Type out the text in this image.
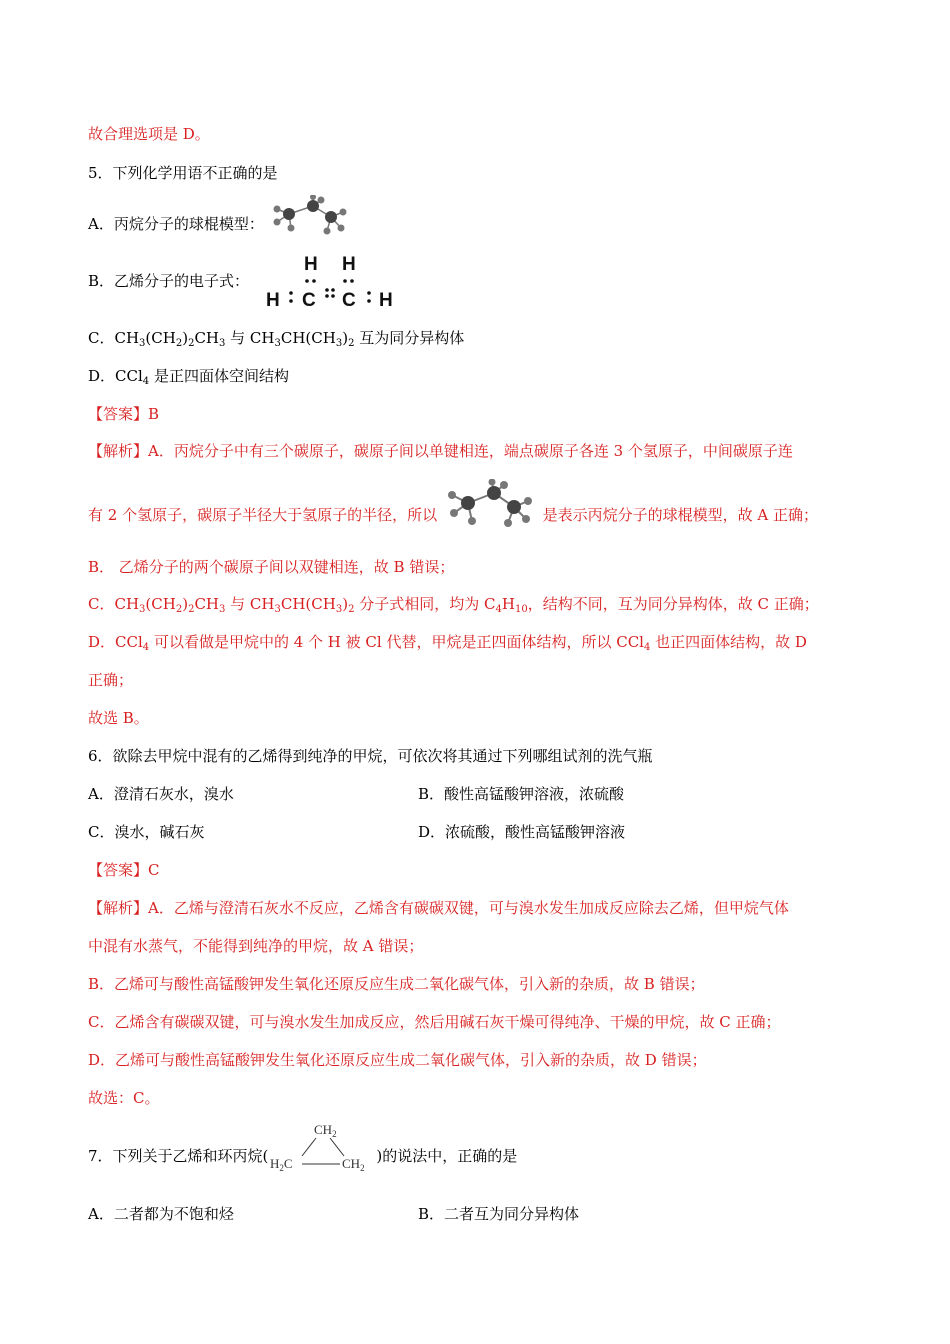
故合理选项是 D。
5．下列化学用语不正确的是
A．丙烷分子的球棍模型：
B．乙烯分子的电子式：
H H
H C C H
C．$CH_3(CH_2)_2CH_3$ 与 $CH_3CH(CH_3)_2$ 互为同分异构体
D．CCl$_4$ 是正四面体空间结构
【答案】B
【解析】A．丙烷分子中有三个碳原子，碳原子间以单键相连，端点碳原子各连 3 个氢原子，中间碳原子连
有 2 个氢原子，碳原子半径大于氢原子的半径，所以	是表示丙烷分子的球棍模型，故 A 正确；
B． 乙烯分子的两个碳原子间以双键相连，故 B 错误；
C．$CH_3(CH_2)_2CH_3$ 与 $CH_3CH(CH_3)_2$ 分子式相同，均为 $C_4H_{10}$，结构不同，互为同分异构体，故 C 正确；
D．CCl$_4$ 可以看做是甲烷中的 4 个 H 被 Cl 代替，甲烷是正四面体结构，所以 CCl$_4$ 也正四面体结构，故 D
正确；
故选 B。
6．欲除去甲烷中混有的乙烯得到纯净的甲烷，可依次将其通过下列哪组试剂的洗气瓶
A．澄清石灰水，溴水	B．酸性高锰酸钾溶液，浓硫酸
C．溴水，碱石灰	D．浓硫酸，酸性高锰酸钾溶液
【答案】C
【解析】A．乙烯与澄清石灰水不反应，乙烯含有碳碳双键，可与溴水发生加成反应除去乙烯，但甲烷气体
中混有水蒸气，不能得到纯净的甲烷，故 A 错误；
B．乙烯可与酸性高锰酸钾发生氧化还原反应生成二氧化碳气体，引入新的杂质，故 B 错误；
C．乙烯含有碳碳双键，可与溴水发生加成反应，然后用碱石灰干燥可得纯净、干燥的甲烷，故 C 正确；
D．乙烯可与酸性高锰酸钾发生氧化还原反应生成二氧化碳气体，引入新的杂质，故 D 错误；
故选：C。
7．下列关于乙烯和环丙烷(
$CH_2$
$H_2C$	$CH_2$
)的说法中，正确的是
A．二者都为不饱和烃	B．二者互为同分异构体
